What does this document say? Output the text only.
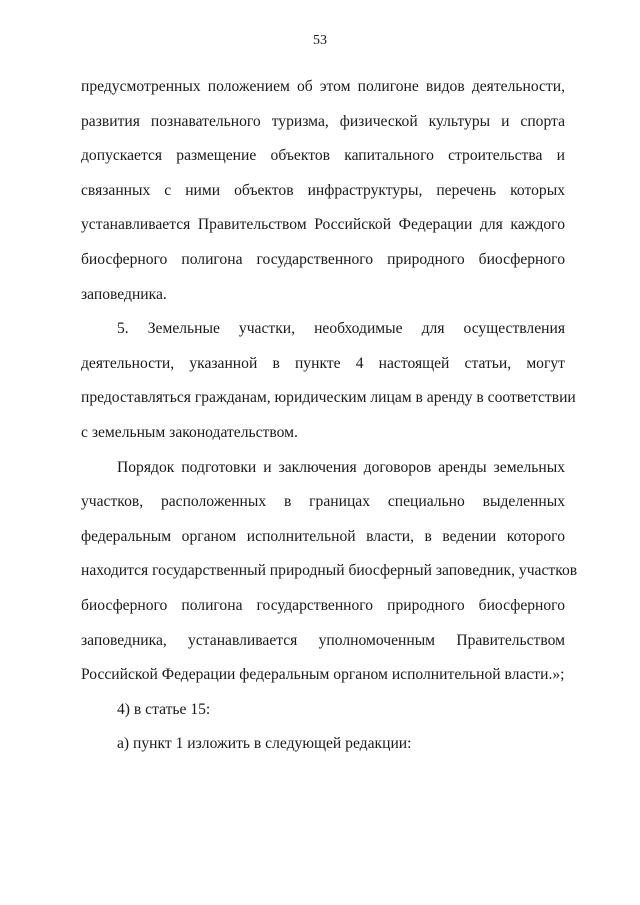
53

предусмотренных положением об этом полигоне видов деятельности,
развития познавательного туризма, физической культуры и спорта
допускается размещение объектов капитального строительства и
связанных с ними объектов инфраструктуры, перечень которых
устанавливается Правительством Российской Федерации для каждого
биосферного полигона государственного природного биосферного
заповедника.

5. Земельные участки, необходимые для осуществления
деятельности, указанной в пункте 4 настоящей статьи, могут
предоставляться гражданам, юридическим лицам в аренду в соответствии
с земельным законодательством.

Порядок подготовки и заключения договоров аренды земельных
участков, расположенных в границах специально выделенных
федеральным органом исполнительной власти, в ведении которого
находится государственный природный биосферный заповедник, участков
биосферного полигона государственного природного биосферного
заповедника, устанавливается уполномоченным Правительством
Российской Федерации федеральным органом исполнительной власти.»;

4) в статье 15:

а) пункт 1 изложить в следующей редакции:
